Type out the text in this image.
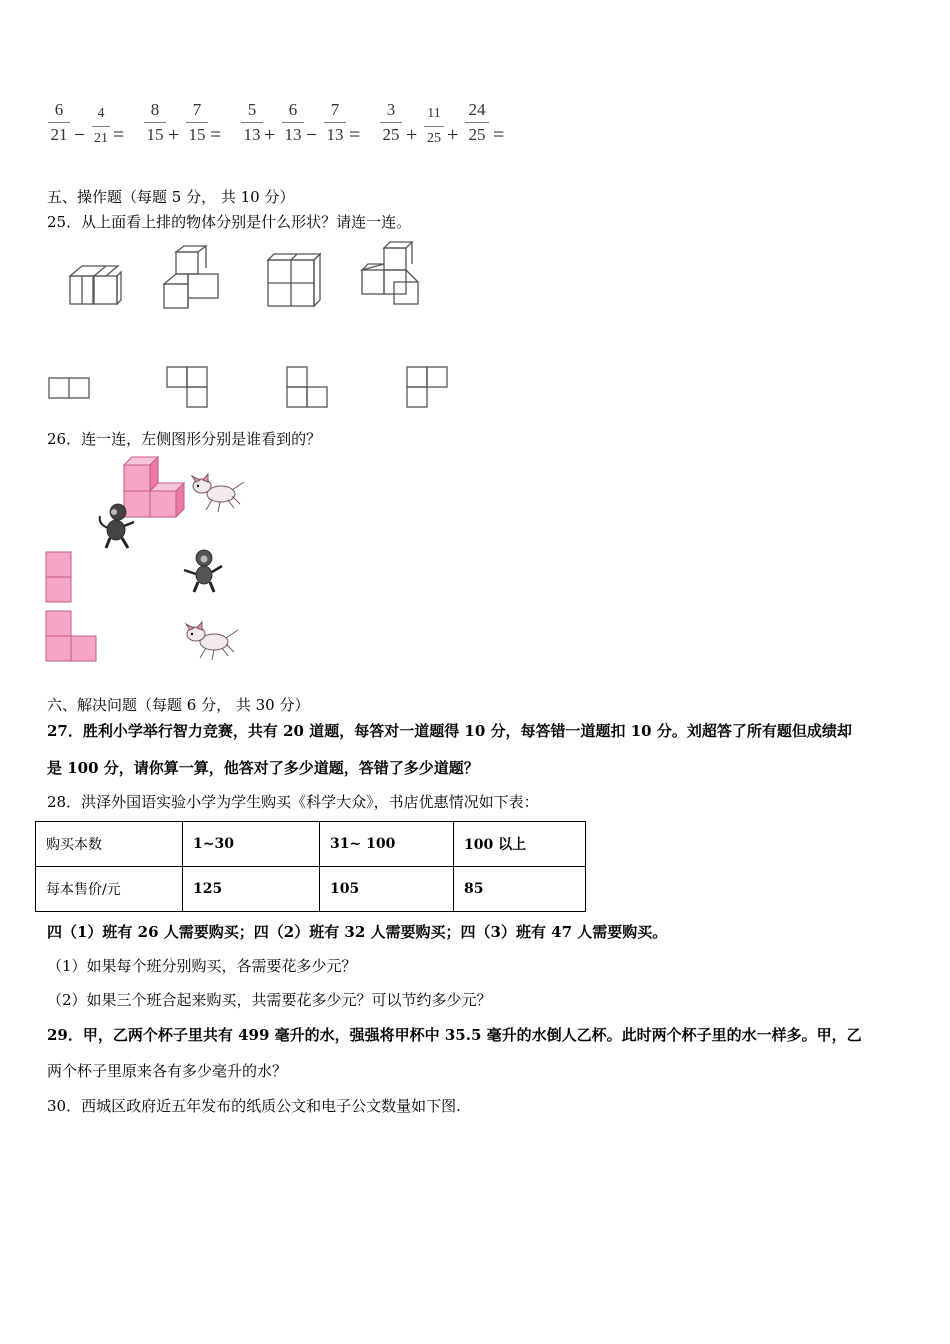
6
21 −
4
21 =
8
15 +
7
15 =
5
13 +
6
13 −
7
13 =
3
25 +
11
25 +
24
25 =
五、操作题（每题 5 分， 共 10 分）
25．从上面看上排的物体分别是什么形状？请连一连。
26．连一连，左侧图形分别是谁看到的？
六、解决问题（每题 6 分， 共 30 分）
27．胜利小学举行智力竞赛，共有 20 道题，每答对一道题得 10 分，每答错一道题扣 10 分。刘超答了所有题但成绩却
是 100 分，请你算一算，他答对了多少道题，答错了多少道题？
28．洪泽外国语实验小学为学生购买《科学大众》，书店优惠情况如下表：
购买本数	1~30	31~ 100	100 以上
每本售价/元	125	105	85
四（1）班有 26 人需要购买；四（2）班有 32 人需要购买；四（3）班有 47 人需要购买。
（1）如果每个班分别购买，各需要花多少元？
（2）如果三个班合起来购买，共需要花多少元？可以节约多少元？
29．甲，乙两个杯子里共有 499 毫升的水，强强将甲杯中 35.5 毫升的水倒人乙杯。此时两个杯子里的水一样多。甲，乙
两个杯子里原来各有多少毫升的水？
30．西城区政府近五年发布的纸质公文和电子公文数量如下图.
